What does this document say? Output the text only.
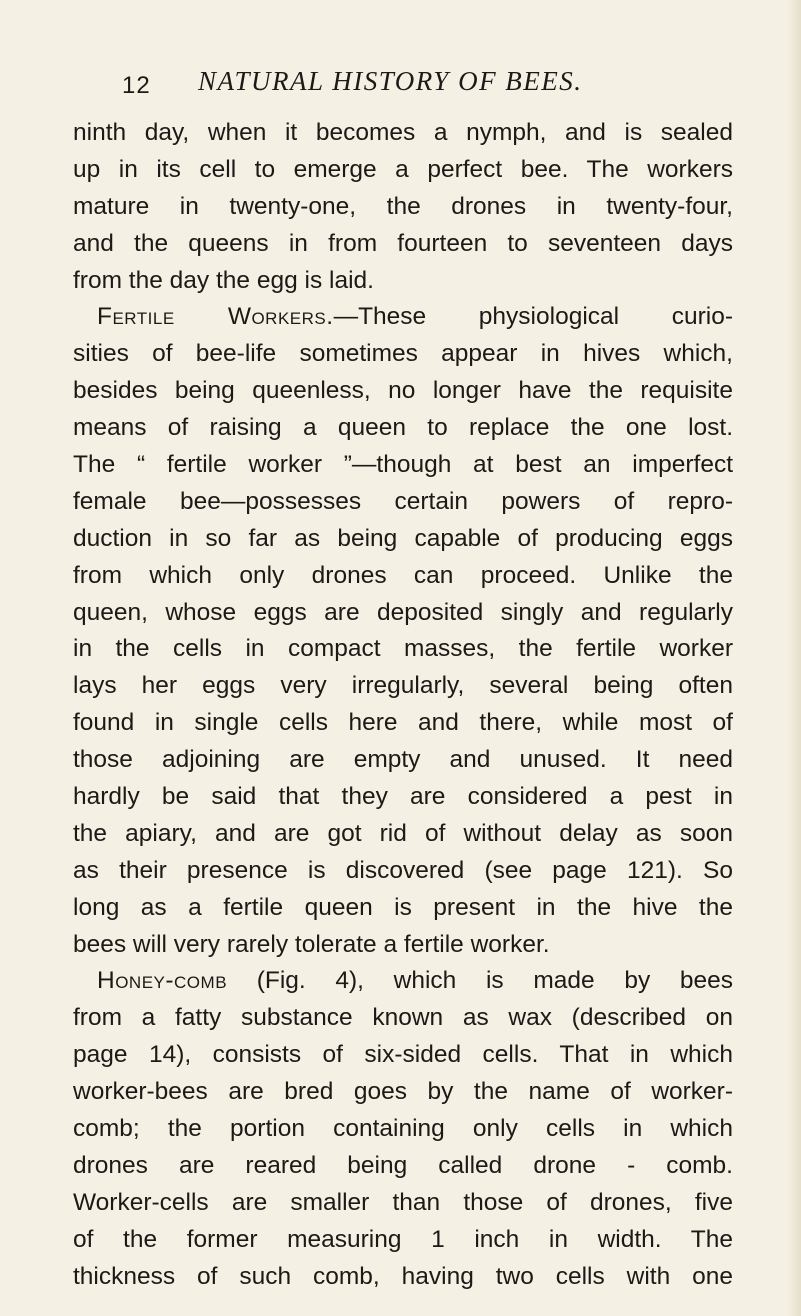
12 NATURAL HISTORY OF BEES.
ninth day, when it becomes a nymph, and is sealed
up in its cell to emerge a perfect bee. The workers
mature in twenty-one, the drones in twenty-four,
and the queens in from fourteen to seventeen days
from the day the egg is laid.
Fertile Workers.—These physiological curio-
sities of bee-life sometimes appear in hives which,
besides being queenless, no longer have the requisite
means of raising a queen to replace the one lost.
The “ fertile worker ”—though at best an imperfect
female bee—possesses certain powers of repro-
duction in so far as being capable of producing eggs
from which only drones can proceed. Unlike the
queen, whose eggs are deposited singly and regularly
in the cells in compact masses, the fertile worker
lays her eggs very irregularly, several being often
found in single cells here and there, while most of
those adjoining are empty and unused. It need
hardly be said that they are considered a pest in
the apiary, and are got rid of without delay as soon
as their presence is discovered (see page 121). So
long as a fertile queen is present in the hive the
bees will very rarely tolerate a fertile worker.
Honey-comb (Fig. 4), which is made by bees
from a fatty substance known as wax (described on
page 14), consists of six-sided cells. That in which
worker-bees are bred goes by the name of worker-
comb; the portion containing only cells in which
drones are reared being called drone - comb.
Worker-cells are smaller than those of drones, five
of the former measuring 1 inch in width. The
thickness of such comb, having two cells with one
